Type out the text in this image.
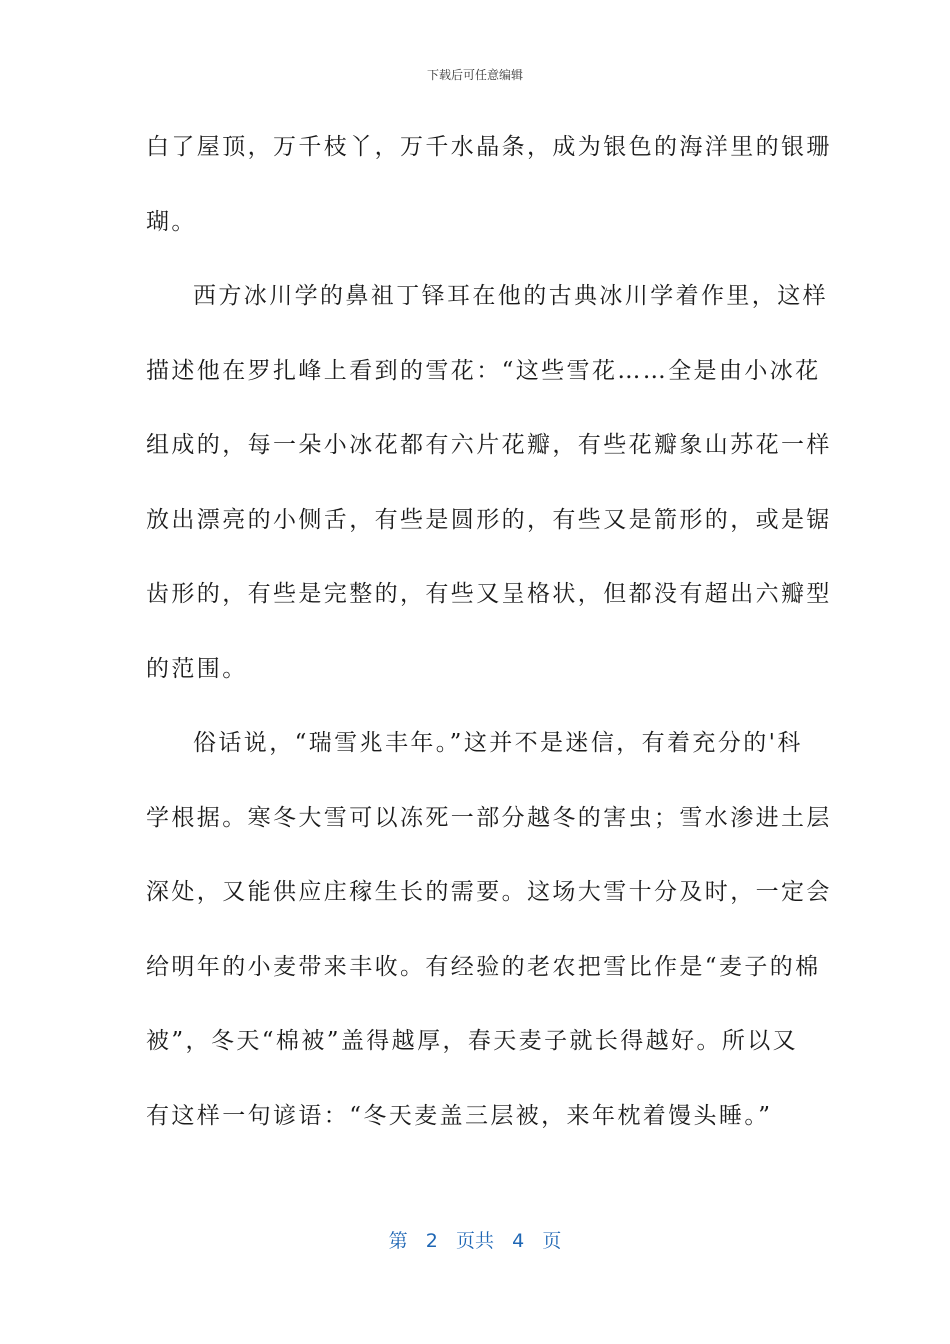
下载后可任意编辑
白了屋顶，万千枝丫，万千水晶条，成为银色的海洋里的银珊
瑚。
西方冰川学的鼻祖丁铎耳在他的古典冰川学着作里，这样
描述他在罗扎峰上看到的雪花：“这些雪花……全是由小冰花
组成的，每一朵小冰花都有六片花瓣，有些花瓣象山苏花一样
放出漂亮的小侧舌，有些是圆形的，有些又是箭形的，或是锯
齿形的，有些是完整的，有些又呈格状，但都没有超出六瓣型
的范围。
俗话说，“瑞雪兆丰年。”这并不是迷信，有着充分的'科
学根据。寒冬大雪可以冻死一部分越冬的害虫；雪水渗进土层
深处，又能供应庄稼生长的需要。这场大雪十分及时，一定会
给明年的小麦带来丰收。有经验的老农把雪比作是“麦子的棉
被”，冬天“棉被”盖得越厚，春天麦子就长得越好。所以又
有这样一句谚语：“冬天麦盖三层被，来年枕着馒头睡。”
第 2 页共 4 页
